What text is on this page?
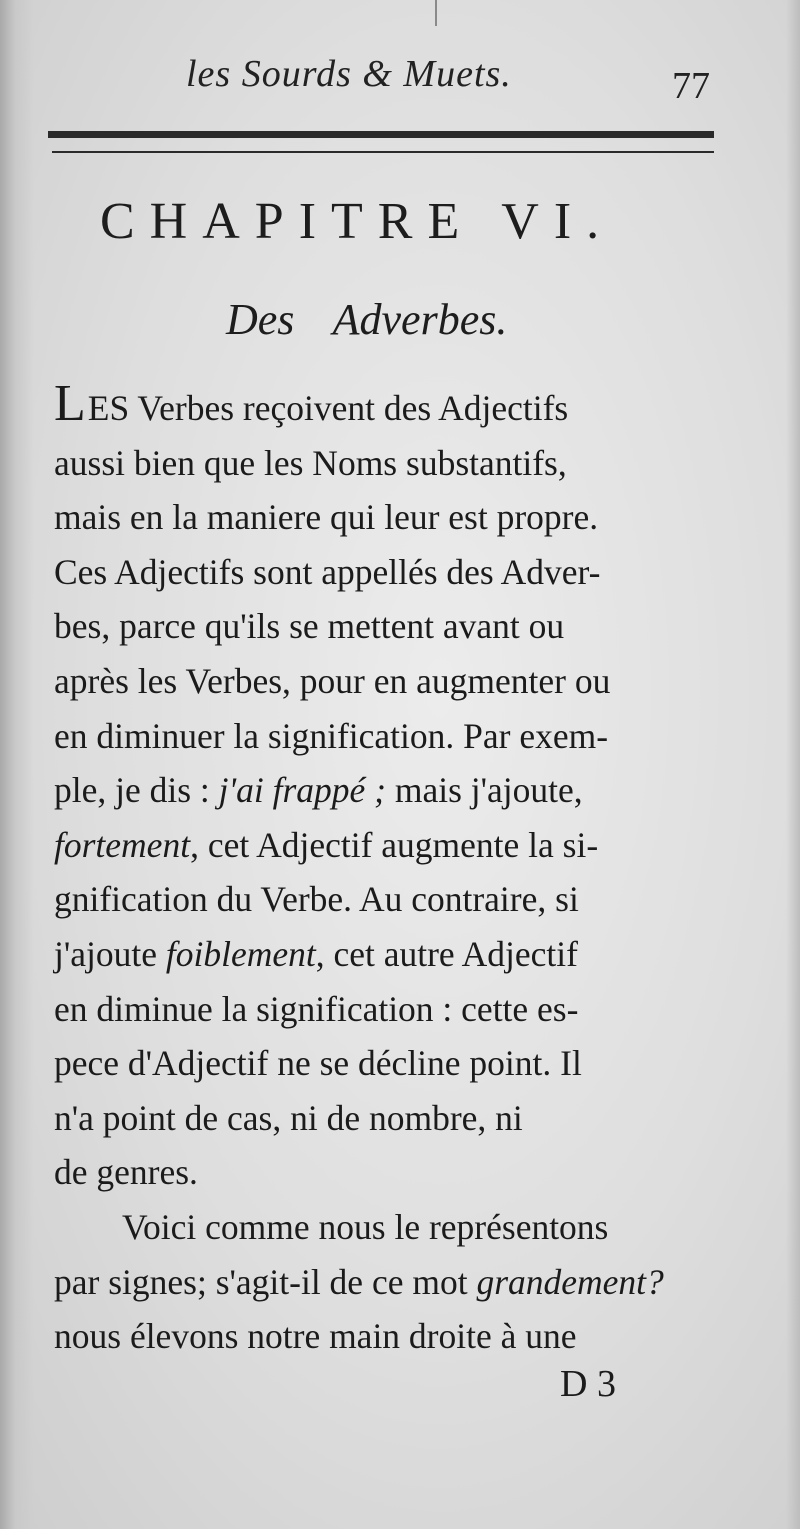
les Sourds & Muets.	77
CHAPITRE VI.
Des Adverbes.
LES Verbes reçoivent des Adjectifs
aussi bien que les Noms substantifs,
mais en la maniere qui leur est propre.
Ces Adjectifs sont appellés des Adver-
bes, parce qu'ils se mettent avant ou
après les Verbes, pour en augmenter ou
en diminuer la signification. Par exem-
ple, je dis : j'ai frappé ; mais j'ajoute,
fortement, cet Adjectif augmente la si-
gnification du Verbe. Au contraire, si
j'ajoute foiblement, cet autre Adjectif
en diminue la signification : cette es-
pece d'Adjectif ne se décline point. Il
n'a point de cas, ni de nombre, ni
de genres.
Voici comme nous le représentons
par signes; s'agit-il de ce mot grandement?
nous élevons notre main droite à une
D 3
